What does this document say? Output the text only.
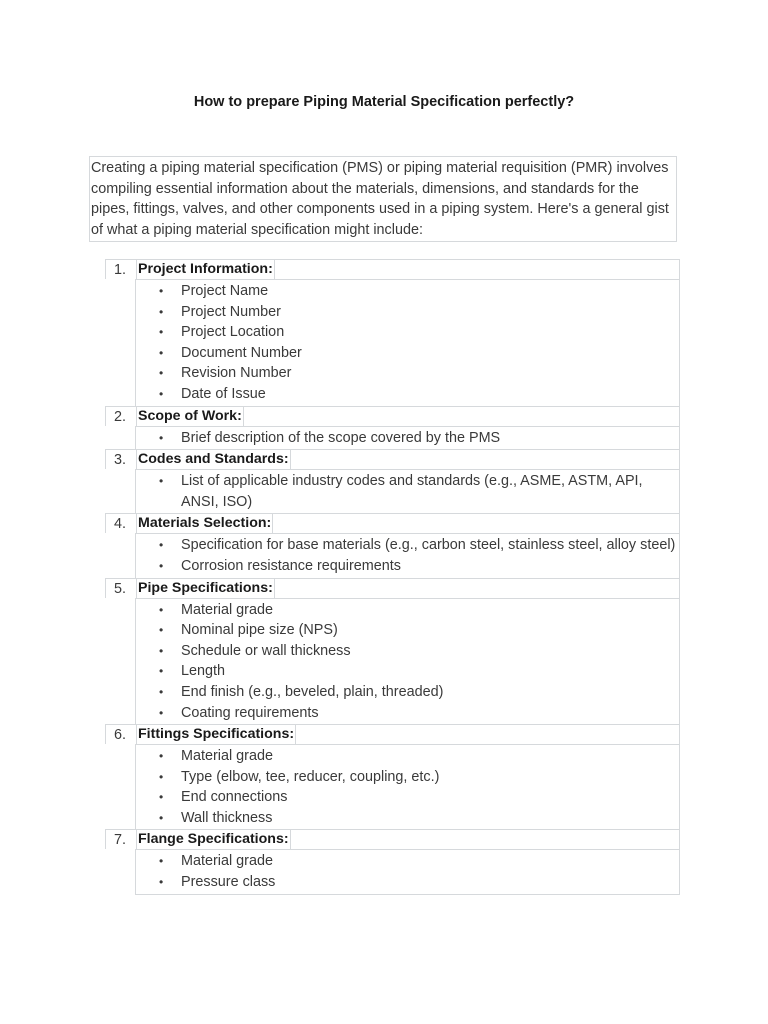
How to prepare Piping Material Specification perfectly?
Creating a piping material specification (PMS) or piping material requisition (PMR) involves compiling essential information about the materials, dimensions, and standards for the pipes, fittings, valves, and other components used in a piping system. Here's a general gist of what a piping material specification might include:
1. Project Information:
• Project Name
• Project Number
• Project Location
• Document Number
• Revision Number
• Date of Issue
2. Scope of Work:
• Brief description of the scope covered by the PMS
3. Codes and Standards:
• List of applicable industry codes and standards (e.g., ASME, ASTM, API, ANSI, ISO)
4. Materials Selection:
• Specification for base materials (e.g., carbon steel, stainless steel, alloy steel)
• Corrosion resistance requirements
5. Pipe Specifications:
• Material grade
• Nominal pipe size (NPS)
• Schedule or wall thickness
• Length
• End finish (e.g., beveled, plain, threaded)
• Coating requirements
6. Fittings Specifications:
• Material grade
• Type (elbow, tee, reducer, coupling, etc.)
• End connections
• Wall thickness
7. Flange Specifications:
• Material grade
• Pressure class
